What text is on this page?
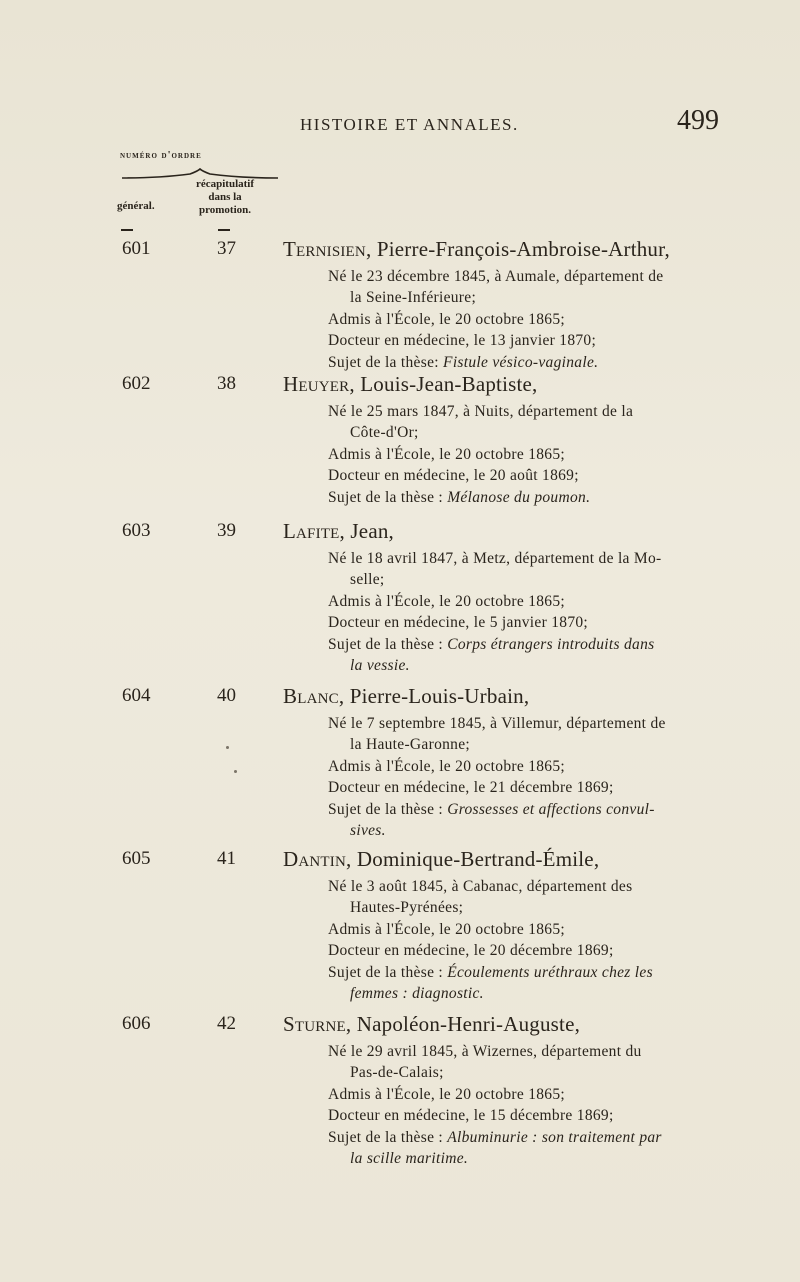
HISTOIRE ET ANNALES.	499
numéro d'ordre
récapitulatif
dans la
promotion.
général.
601	37 Ternisien, Pierre-François-Ambroise-Arthur,
Né le 23 décembre 1845, à Aumale, département de
la Seine-Inférieure;
Admis à l'École, le 20 octobre 1865;
Docteur en médecine, le 13 janvier 1870;
Sujet de la thèse: Fistule vésico-vaginale.
602	38 Heuyer, Louis-Jean-Baptiste,
Né le 25 mars 1847, à Nuits, département de la
Côte-d'Or;
Admis à l'École, le 20 octobre 1865;
Docteur en médecine, le 20 août 1869;
Sujet de la thèse : Mélanose du poumon.
603	39 Lafite, Jean,
Né le 18 avril 1847, à Metz, département de la Mo-
selle;
Admis à l'École, le 20 octobre 1865;
Docteur en médecine, le 5 janvier 1870;
Sujet de la thèse : Corps étrangers introduits dans
la vessie.
604	40 Blanc, Pierre-Louis-Urbain,
Né le 7 septembre 1845, à Villemur, département de
la Haute-Garonne;
Admis à l'École, le 20 octobre 1865;
Docteur en médecine, le 21 décembre 1869;
Sujet de la thèse : Grossesses et affections convul-
sives.
605	41 Dantin, Dominique-Bertrand-Émile,
Né le 3 août 1845, à Cabanac, département des
Hautes-Pyrénées;
Admis à l'École, le 20 octobre 1865;
Docteur en médecine, le 20 décembre 1869;
Sujet de la thèse : Écoulements uréthraux chez les
femmes : diagnostic.
606	42 Sturne, Napoléon-Henri-Auguste,
Né le 29 avril 1845, à Wizernes, département du
Pas-de-Calais;
Admis à l'École, le 20 octobre 1865;
Docteur en médecine, le 15 décembre 1869;
Sujet de la thèse : Albuminurie : son traitement par
la scille maritime.
